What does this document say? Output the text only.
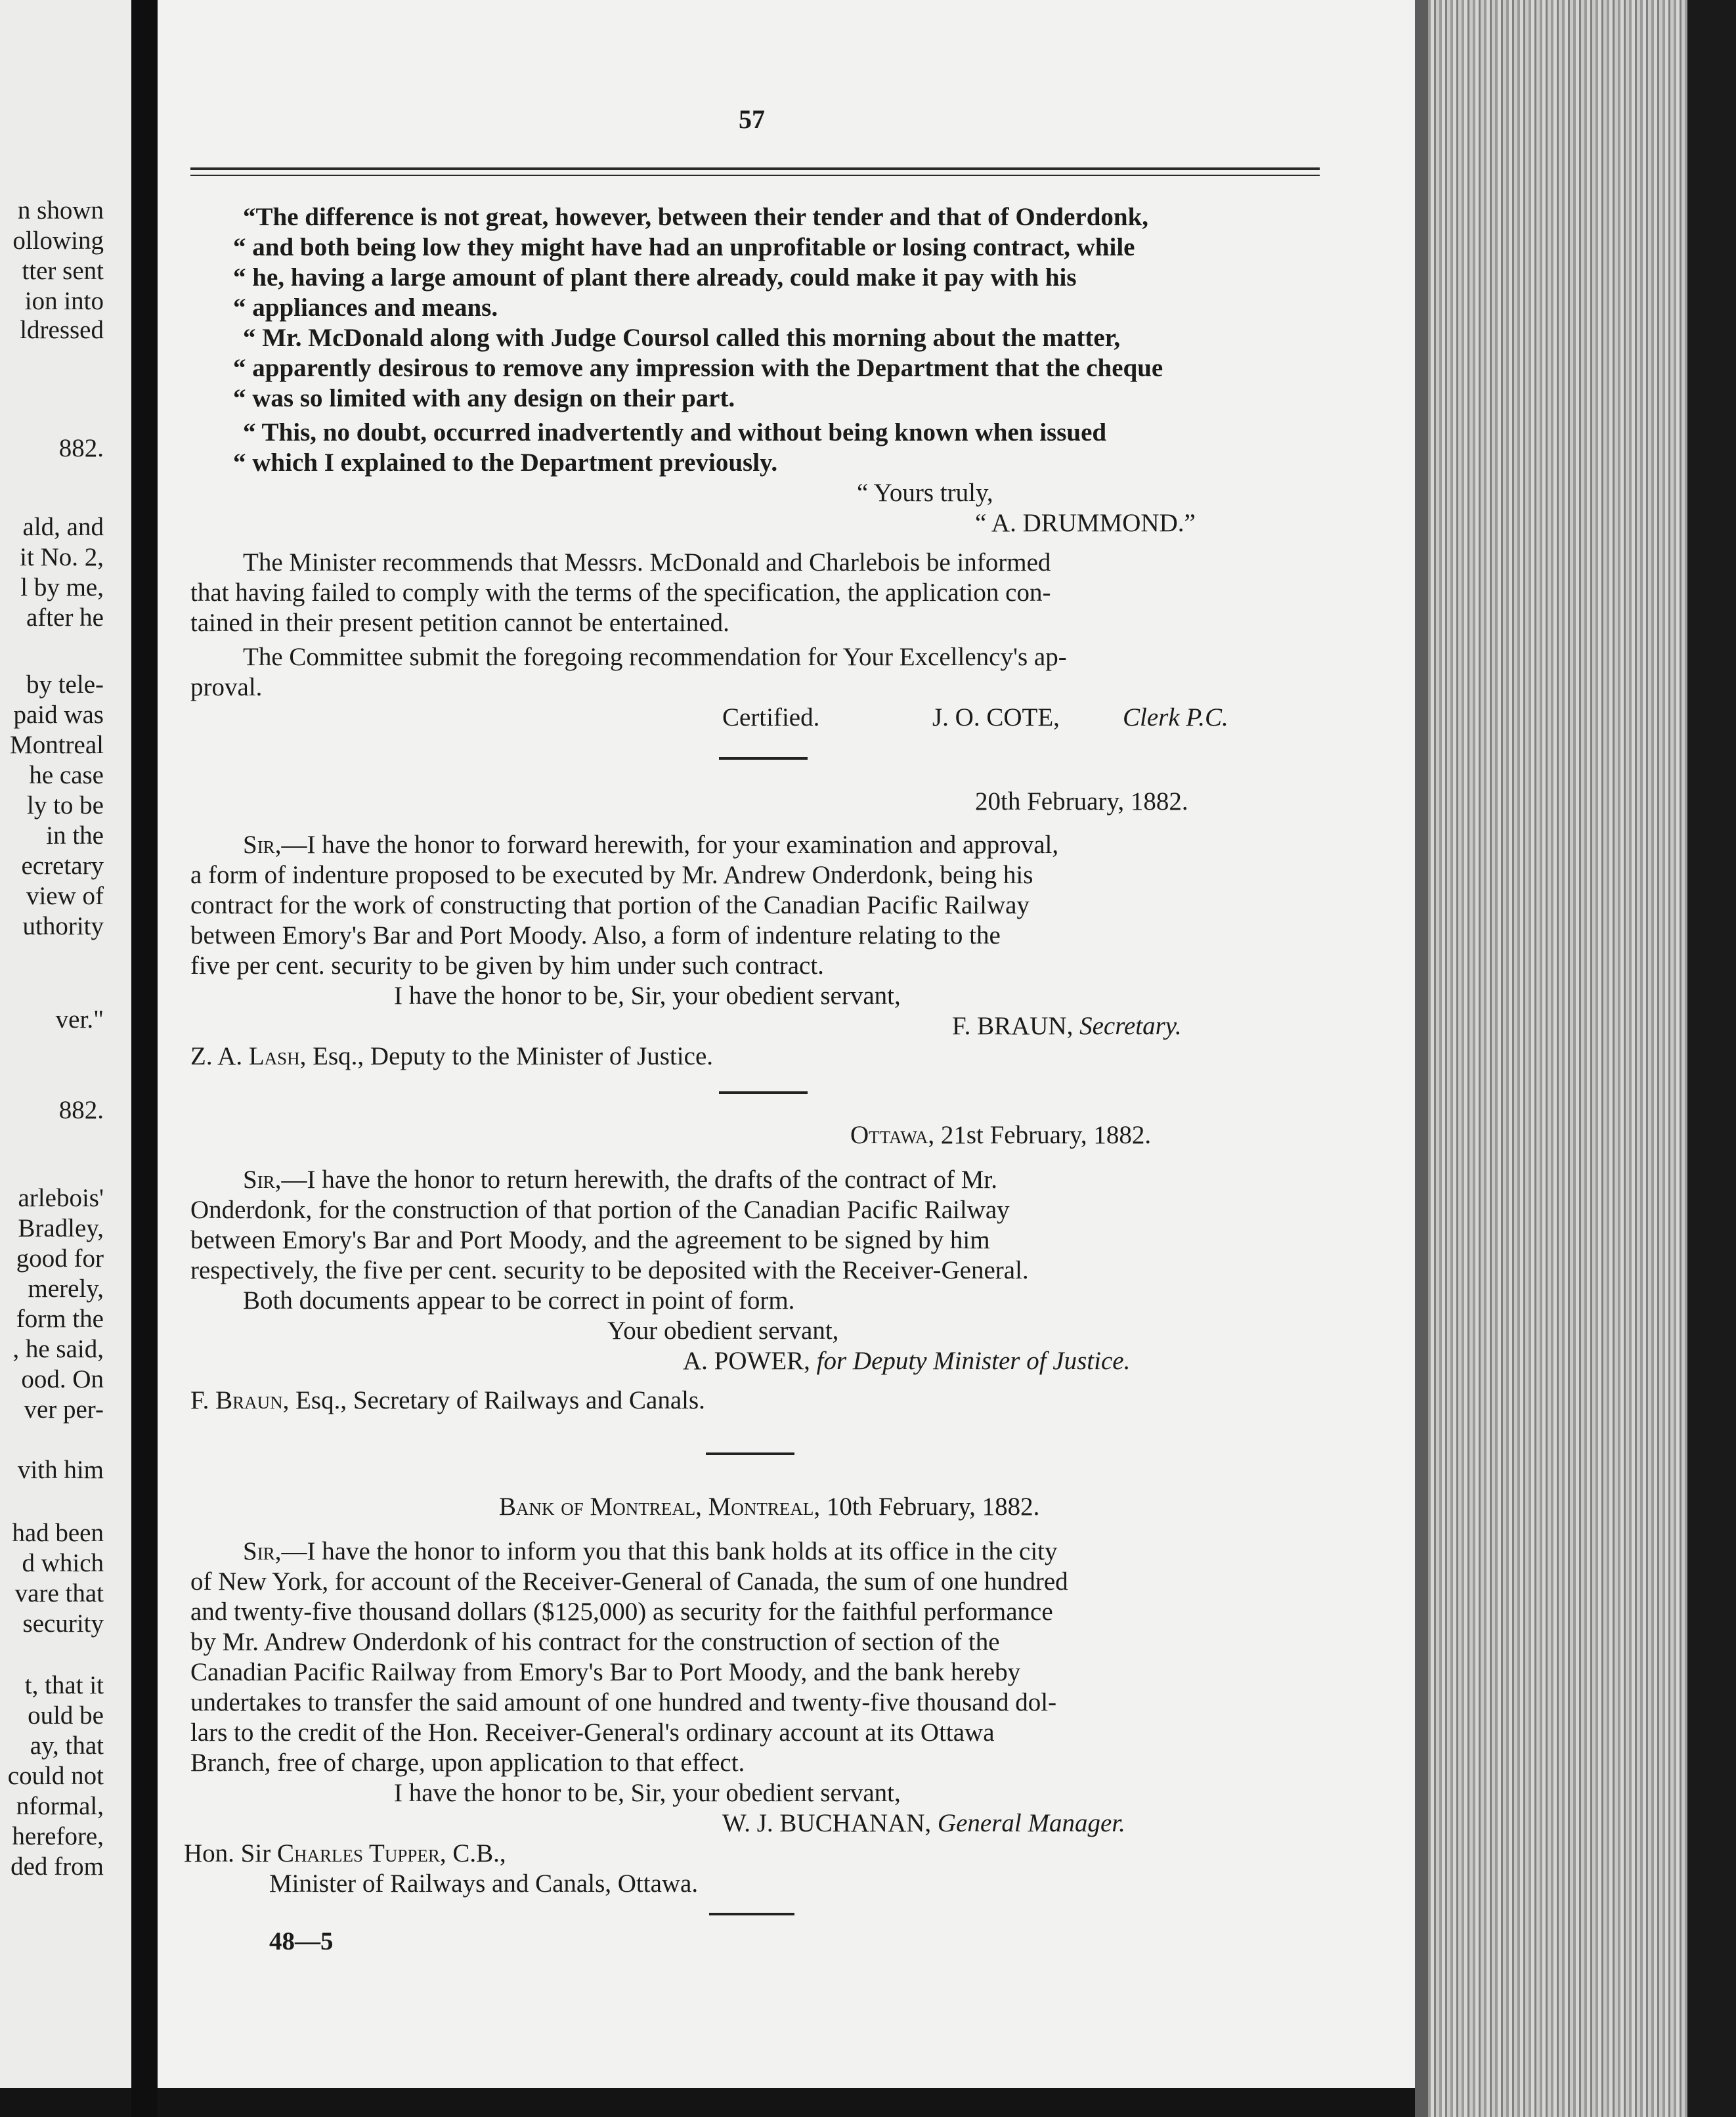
n shown
ollowing
tter sent
ion into
ldressed
882.
ald, and
it No. 2,
l by me,
after he
by tele-
paid was
Montreal
he case
ly to be
in the
ecretary
view of
uthority
ver."
882.
arlebois'
Bradley,
good for
merely,
form the
, he said,
ood. On
ver per-
vith him
had been
d which
vare that
security
t, that it
ould be
ay, that
could not
nformal,
herefore,
ded from
57
“The difference is not great, however, between their tender and that of Onderdonk,
“ and both being low they might have had an unprofitable or losing contract, while
“ he, having a large amount of plant there already, could make it pay with his
“ appliances and means.
“ Mr. McDonald along with Judge Coursol called this morning about the matter,
“ apparently desirous to remove any impression with the Department that the cheque
“ was so limited with any design on their part.
“ This, no doubt, occurred inadvertently and without being known when issued
“ which I explained to the Department previously.
“ Yours truly,
“ A. DRUMMOND.”
The Minister recommends that Messrs. McDonald and Charlebois be informed
that having failed to comply with the terms of the specification, the application con-
tained in their present petition cannot be entertained.
The Committee submit the foregoing recommendation for Your Excellency's ap-
proval.
Certified.	J. O. COTE, Clerk P.C.
20th February, 1882.
Sir,—I have the honor to forward herewith, for your examination and approval,
a form of indenture proposed to be executed by Mr. Andrew Onderdonk, being his
contract for the work of constructing that portion of the Canadian Pacific Railway
between Emory's Bar and Port Moody. Also, a form of indenture relating to the
five per cent. security to be given by him under such contract.
I have the honor to be, Sir, your obedient servant,
F. BRAUN, Secretary.
Z. A. Lash, Esq., Deputy to the Minister of Justice.
Ottawa, 21st February, 1882.
Sir,—I have the honor to return herewith, the drafts of the contract of Mr.
Onderdonk, for the construction of that portion of the Canadian Pacific Railway
between Emory's Bar and Port Moody, and the agreement to be signed by him
respectively, the five per cent. security to be deposited with the Receiver-General.
Both documents appear to be correct in point of form.
Your obedient servant,
A. POWER, for Deputy Minister of Justice.
F. Braun, Esq., Secretary of Railways and Canals.
Bank of Montreal, Montreal, 10th February, 1882.
Sir,—I have the honor to inform you that this bank holds at its office in the city
of New York, for account of the Receiver-General of Canada, the sum of one hundred
and twenty-five thousand dollars ($125,000) as security for the faithful performance
by Mr. Andrew Onderdonk of his contract for the construction of section of the
Canadian Pacific Railway from Emory's Bar to Port Moody, and the bank hereby
undertakes to transfer the said amount of one hundred and twenty-five thousand dol-
lars to the credit of the Hon. Receiver-General's ordinary account at its Ottawa
Branch, free of charge, upon application to that effect.
I have the honor to be, Sir, your obedient servant,
W. J. BUCHANAN, General Manager.
Hon. Sir Charles Tupper, C.B.,
Minister of Railways and Canals, Ottawa.
48—5
